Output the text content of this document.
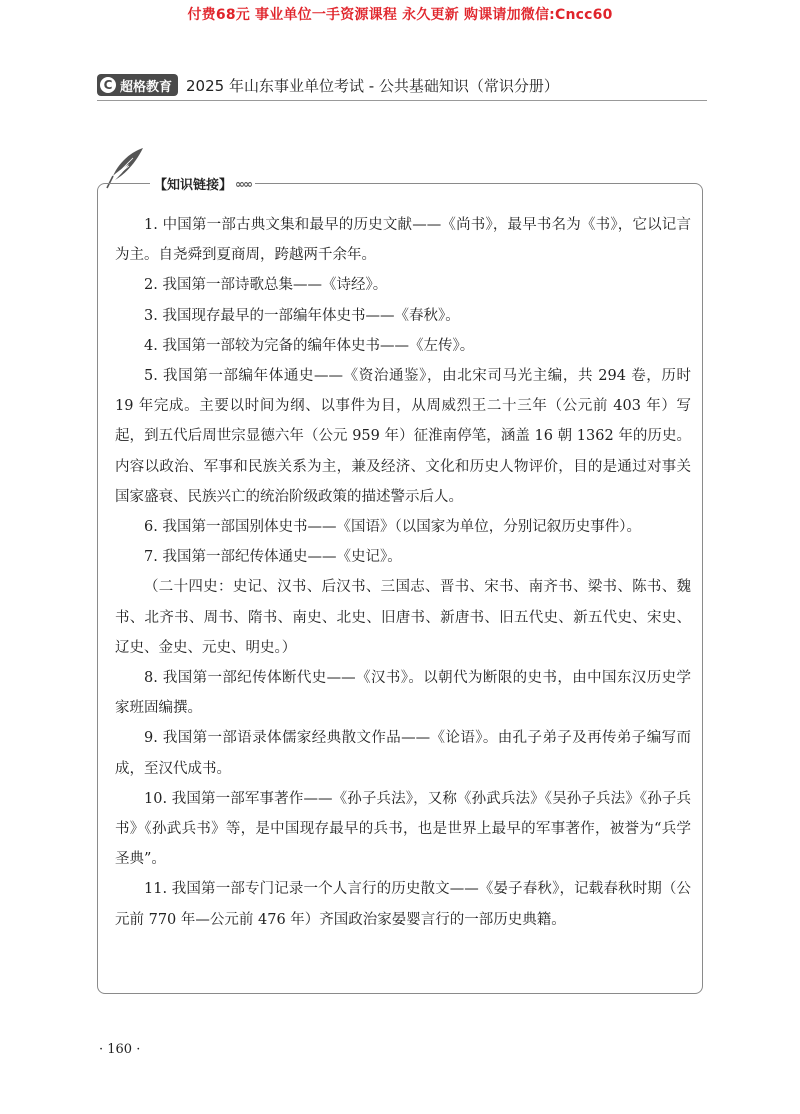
付费68元 事业单位一手资源课程 永久更新 购课请加微信:Cncc60
C 超格教育 2025 年山东事业单位考试 - 公共基础知识（常识分册）
【知识链接】 ∞∞

1. 中国第一部古典文集和最早的历史文献——《尚书》，最早书名为《书》，它以记言为主。自尧舜到夏商周，跨越两千余年。

2. 我国第一部诗歌总集——《诗经》。

3. 我国现存最早的一部编年体史书——《春秋》。

4. 我国第一部较为完备的编年体史书——《左传》。

5. 我国第一部编年体通史——《资治通鉴》，由北宋司马光主编，共 294 卷，历时 19 年完成。主要以时间为纲、以事件为目，从周威烈王二十三年（公元前 403 年）写起，到五代后周世宗显德六年（公元 959 年）征淮南停笔，涵盖 16 朝 1362 年的历史。内容以政治、军事和民族关系为主，兼及经济、文化和历史人物评价，目的是通过对事关国家盛衰、民族兴亡的统治阶级政策的描述警示后人。

6. 我国第一部国别体史书——《国语》（以国家为单位，分别记叙历史事件）。

7. 我国第一部纪传体通史——《史记》。

（二十四史：史记、汉书、后汉书、三国志、晋书、宋书、南齐书、梁书、陈书、魏书、北齐书、周书、隋书、南史、北史、旧唐书、新唐书、旧五代史、新五代史、宋史、辽史、金史、元史、明史。）

8. 我国第一部纪传体断代史——《汉书》。以朝代为断限的史书，由中国东汉历史学家班固编撰。

9. 我国第一部语录体儒家经典散文作品——《论语》。由孔子弟子及再传弟子编写而成，至汉代成书。

10. 我国第一部军事著作——《孙子兵法》，又称《孙武兵法》《吴孙子兵法》《孙子兵书》《孙武兵书》等，是中国现存最早的兵书，也是世界上最早的军事著作，被誉为“兵学圣典”。

11. 我国第一部专门记录一个人言行的历史散文——《晏子春秋》，记载春秋时期（公元前 770 年—公元前 476 年）齐国政治家晏婴言行的一部历史典籍。

· 160 ·
